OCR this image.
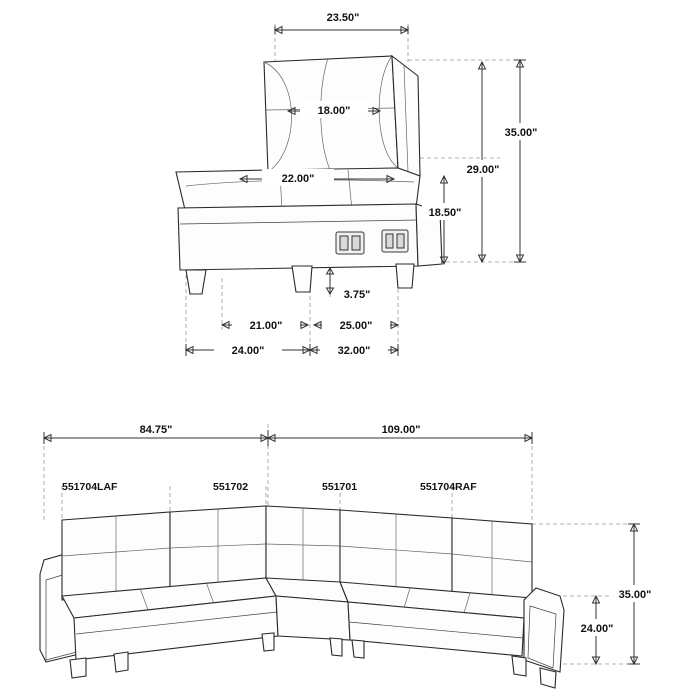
23.50"
18.00"
22.00"
35.00"
29.00"
18.50"
3.75"
21.00"	25.00"
24.00"	32.00"
84.75"	109.00"
35.00"
24.00"
551704LAF	551702	551701	551704RAF
